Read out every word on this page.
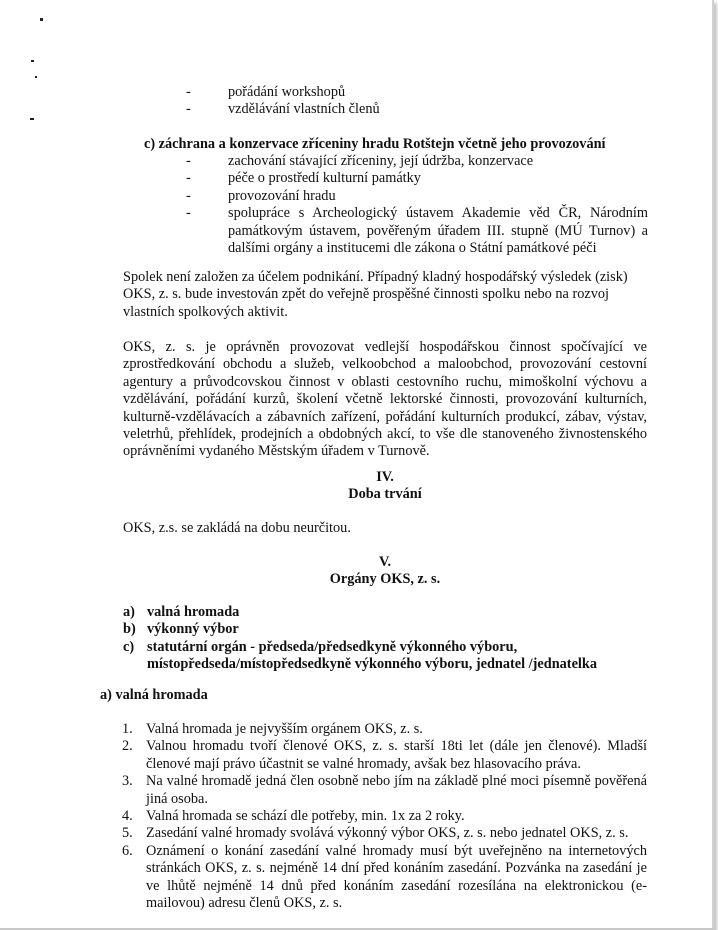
-	pořádání workshopů
-	vzdělávání vlastních členů
c) záchrana a konzervace zříceniny hradu Rotštejn včetně jeho provozování
-	zachování stávající zříceniny, její údržba, konzervace
-	péče o prostředí kulturní památky
-	provozování hradu
-	spolupráce s Archeologický ústavem Akademie věd ČR, Národním památkovým ústavem, pověřeným úřadem III. stupně (MÚ Turnov) a dalšími orgány a institucemi dle zákona o Státní památkové péči
Spolek není založen za účelem podnikání. Případný kladný hospodářský výsledek (zisk) OKS, z. s. bude investován zpět do veřejně prospěšné činnosti spolku nebo na rozvoj vlastních spolkových aktivit.
OKS, z. s. je oprávněn provozovat vedlejší hospodářskou činnost spočívající ve zprostředkování obchodu a služeb, velkoobchod a maloobchod, provozování cestovní agentury a průvodcovskou činnost v oblasti cestovního ruchu, mimoškolní výchovu a vzdělávání, pořádání kurzů, školení včetně lektorské činnosti, provozování kulturních, kulturně-vzdělávacích a zábavních zařízení, pořádání kulturních produkcí, zábav, výstav, veletrhů, přehlídek, prodejních a obdobných akcí, to vše dle stanoveného živnostenského oprávněními vydaného Městským úřadem v Turnově.
IV.
Doba trvání
OKS, z.s. se zakládá na dobu neurčitou.
V.
Orgány OKS, z. s.
a) valná hromada
b) výkonný výbor
c) statutární orgán - předseda/předsedkyně výkonného výboru,
místopředseda/místopředsedkyně výkonného výboru, jednatel /jednatelka
a) valná hromada
1. Valná hromada je nejvyšším orgánem OKS, z. s.
2. Valnou hromadu tvoří členové OKS, z. s. starší 18ti let (dále jen členové). Mladší členové mají právo účastnit se valné hromady, avšak bez hlasovacího práva.
3. Na valné hromadě jedná člen osobně nebo jím na základě plné moci písemně pověřená jiná osoba.
4. Valná hromada se schází dle potřeby, min. 1x za 2 roky.
5. Zasedání valné hromady svolává výkonný výbor OKS, z. s. nebo jednatel OKS, z. s.
6. Oznámení o konání zasedání valné hromady musí být uveřejněno na internetových stránkách OKS, z. s. nejméně 14 dní před konáním zasedání. Pozvánka na zasedání je ve lhůtě nejméně 14 dnů před konáním zasedání rozesílána na elektronickou (e-mailovou) adresu členů OKS, z. s.
